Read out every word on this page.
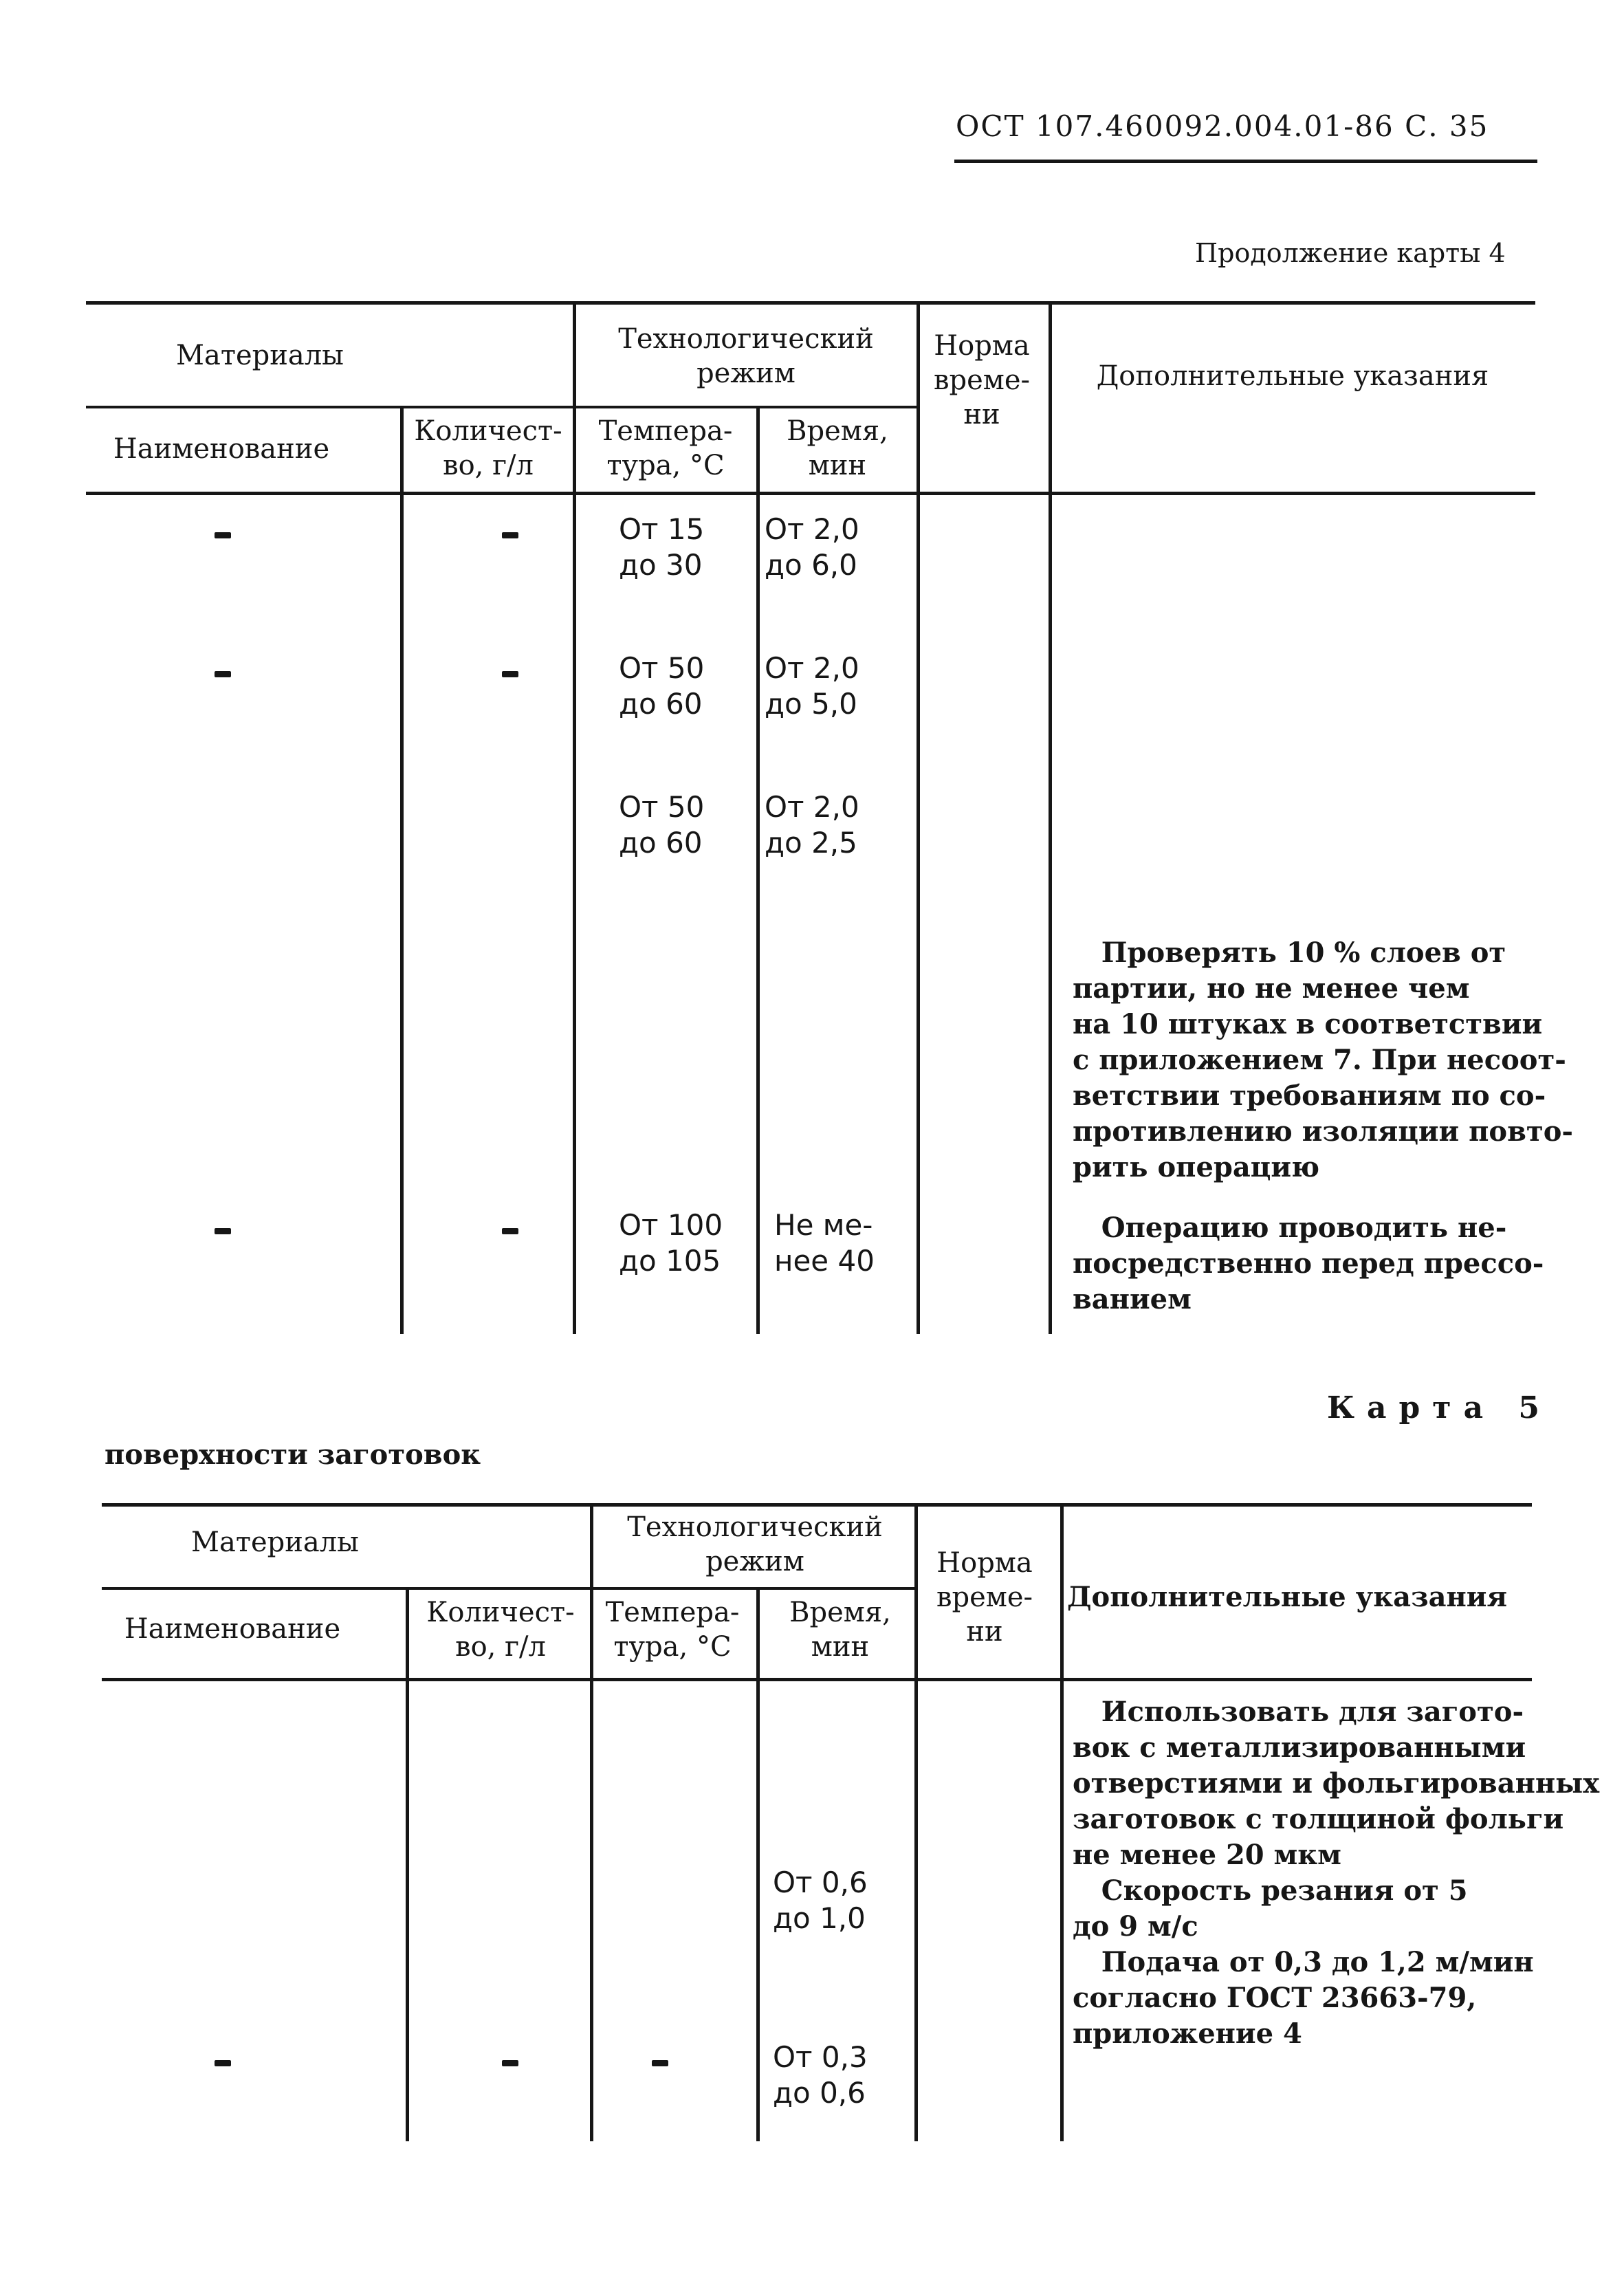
ОСТ 107.460092.004.01-86 С. 35
Продолжение карты 4
Материалы
Технологический
режим
Норма
време-
ни
Дополнительные указания
Наименование
Количест-
во, г/л
Темпера-
тура, °С
Время,
мин
От 15
до 30
От 2,0
до 6,0
От 50
до 60
От 2,0
до 5,0
От 50
до 60
От 2,0
до 2,5
Проверять 10 % слоев от
партии, но не менее чем
на 10 штуках в соответствии
с приложением 7. При несоот-
ветствии требованиям по со-
противлению изоляции повто-
рить операцию
От 100
до 105
Не ме-
нее 40
Операцию проводить не-
посредственно перед прессо-
ванием
Карта 5
поверхности заготовок
Материалы	Технологический
режим	Норма
време-
ни
Дополнительные указания
Наименование
Количест-
во, г/л
Темпера-
тура, °С
Время,
мин
Использовать для загото-
вок с металлизированными
отверстиями и фольгированных
заготовок с толщиной фольги
не менее 20 мкм
Скорость резания от 5
до 9 м/с
Подача от 0,3 до 1,2 м/мин
согласно ГОСТ 23663-79,
приложение 4
От 0,6
до 1,0
От 0,3
до 0,6
